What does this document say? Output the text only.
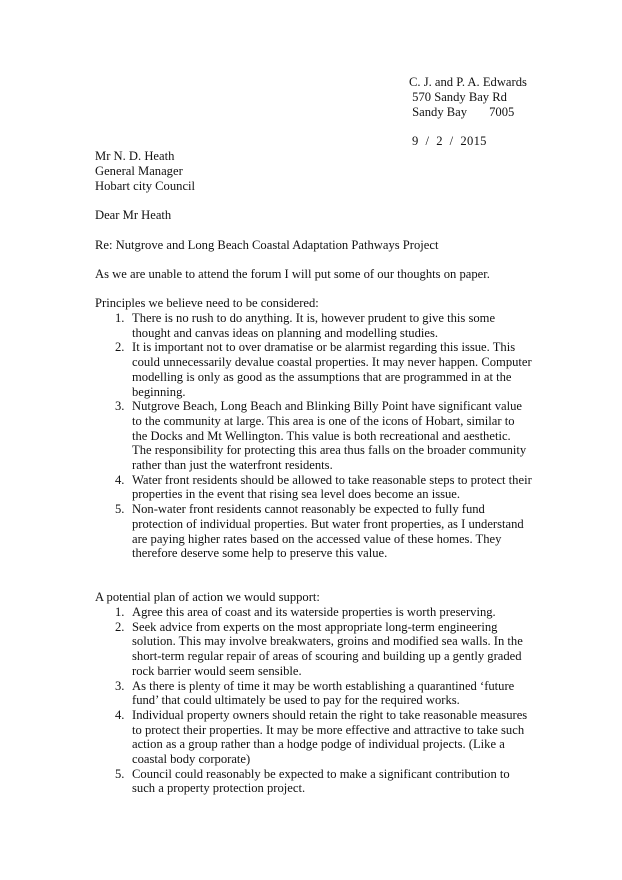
C. J. and P. A. Edwards
570 Sandy Bay Rd
Sandy Bay       7005
9  /  2  /  2015
Mr N. D. Heath
General Manager
Hobart city Council
Dear Mr Heath
Re: Nutgrove and Long Beach Coastal Adaptation Pathways Project
As we are unable to attend the forum I will put some of our thoughts on paper.
Principles we believe need to be considered:
1. There is no rush to do anything. It is, however prudent to give this some thought and canvas ideas on planning and modelling studies.
2. It is important not to over dramatise or be alarmist regarding this issue. This could unnecessarily devalue coastal properties. It may never happen. Computer modelling is only as good as the assumptions that are programmed in at the beginning.
3. Nutgrove Beach, Long Beach and Blinking Billy Point have significant value to the community at large. This area is one of the icons of Hobart, similar to the Docks and Mt Wellington. This value is both recreational and aesthetic. The responsibility for protecting this area thus falls on the broader community rather than just the waterfront residents.
4. Water front residents should be allowed to take reasonable steps to protect their properties in the event that rising sea level does become an issue.
5. Non-water front residents cannot reasonably be expected to fully fund protection of individual properties. But water front properties, as I understand are paying higher rates based on the accessed value of these homes. They therefore deserve some help to preserve this value.
A potential plan of action we would support:
1. Agree this area of coast and its waterside properties is worth preserving.
2. Seek advice from experts on the most appropriate long-term engineering solution. This may involve breakwaters, groins and modified sea walls. In the short-term regular repair of areas of scouring and building up a gently graded rock barrier would seem sensible.
3. As there is plenty of time it may be worth establishing a quarantined ‘future fund’ that could ultimately be used to pay for the required works.
4. Individual property owners should retain the right to take reasonable measures to protect their properties. It may be more effective and attractive to take such action as a group rather than a hodge podge of individual projects. (Like a coastal body corporate)
5. Council could reasonably be expected to make a significant contribution to such a property protection project.
